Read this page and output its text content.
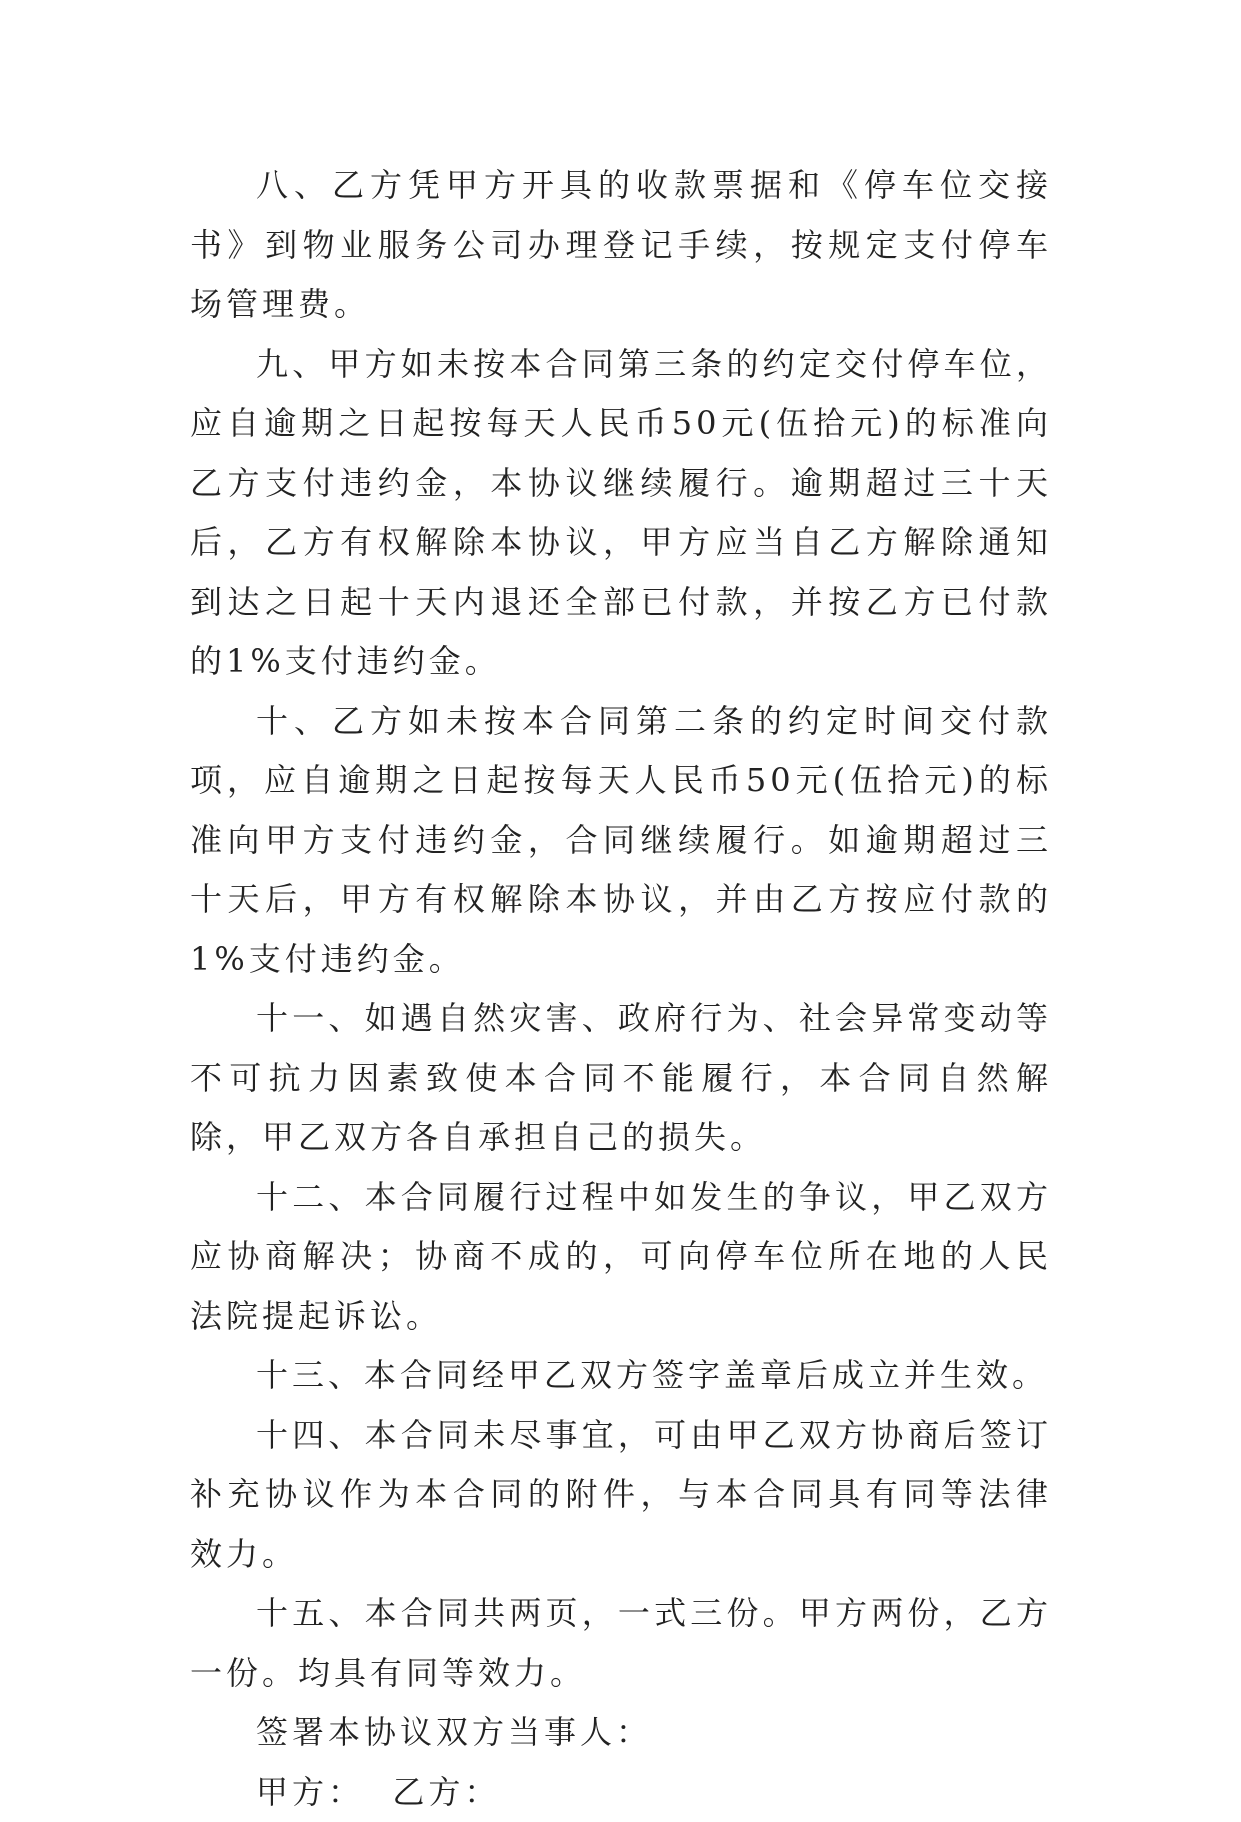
八、乙方凭甲方开具的收款票据和《停车位交接书》到物业服务公司办理登记手续，按规定支付停车场管理费。

九、甲方如未按本合同第三条的约定交付停车位，应自逾期之日起按每天人民币50元(伍拾元)的标准向乙方支付违约金，本协议继续履行。逾期超过三十天后，乙方有权解除本协议，甲方应当自乙方解除通知到达之日起十天内退还全部已付款，并按乙方已付款的1%支付违约金。

十、乙方如未按本合同第二条的约定时间交付款项，应自逾期之日起按每天人民币50元(伍拾元)的标准向甲方支付违约金，合同继续履行。如逾期超过三十天后，甲方有权解除本协议，并由乙方按应付款的1%支付违约金。

十一、如遇自然灾害、政府行为、社会异常变动等不可抗力因素致使本合同不能履行，本合同自然解除，甲乙双方各自承担自己的损失。

十二、本合同履行过程中如发生的争议，甲乙双方应协商解决；协商不成的，可向停车位所在地的人民法院提起诉讼。

十三、本合同经甲乙双方签字盖章后成立并生效。

十四、本合同未尽事宜，可由甲乙双方协商后签订补充协议作为本合同的附件，与本合同具有同等法律效力。

十五、本合同共两页，一式三份。甲方两份，乙方一份。均具有同等效力。

签署本协议双方当事人：

甲方： 乙方：
